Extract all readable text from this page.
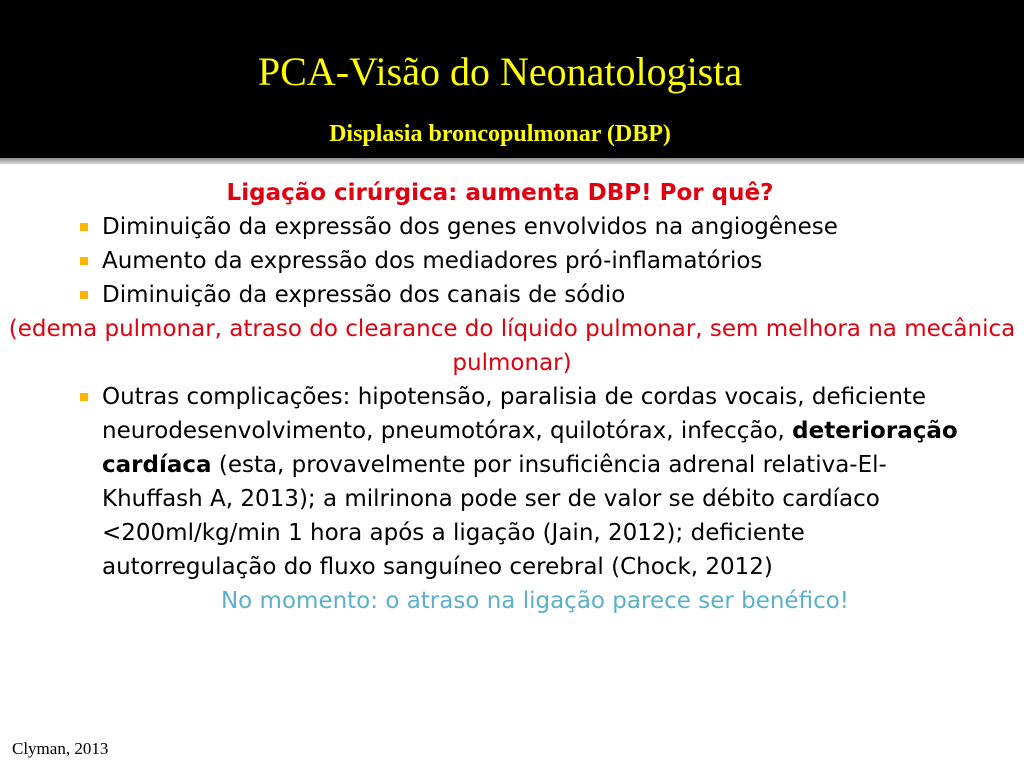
PCA-Visão do Neonatologista
Displasia broncopulmonar (DBP)
Ligação cirúrgica: aumenta DBP! Por quê?
Diminuição da expressão dos genes envolvidos na angiogênese
Aumento da expressão dos mediadores pró-inflamatórios
Diminuição da expressão dos canais de sódio
(edema pulmonar, atraso do clearance do líquido pulmonar, sem melhora na mecânica pulmonar)
Outras complicações: hipotensão, paralisia de cordas vocais, deficiente neurodesenvolvimento, pneumotórax, quilotórax, infecção, deterioração cardíaca (esta, provavelmente por insuficiência adrenal relativa-El-Khuffash A, 2013); a milrinona pode ser de valor se débito cardíaco <200ml/kg/min 1 hora após a ligação (Jain, 2012); deficiente autorregulação do fluxo sanguíneo cerebral (Chock, 2012)
No momento: o atraso na ligação parece ser benéfico!
Clyman, 2013
